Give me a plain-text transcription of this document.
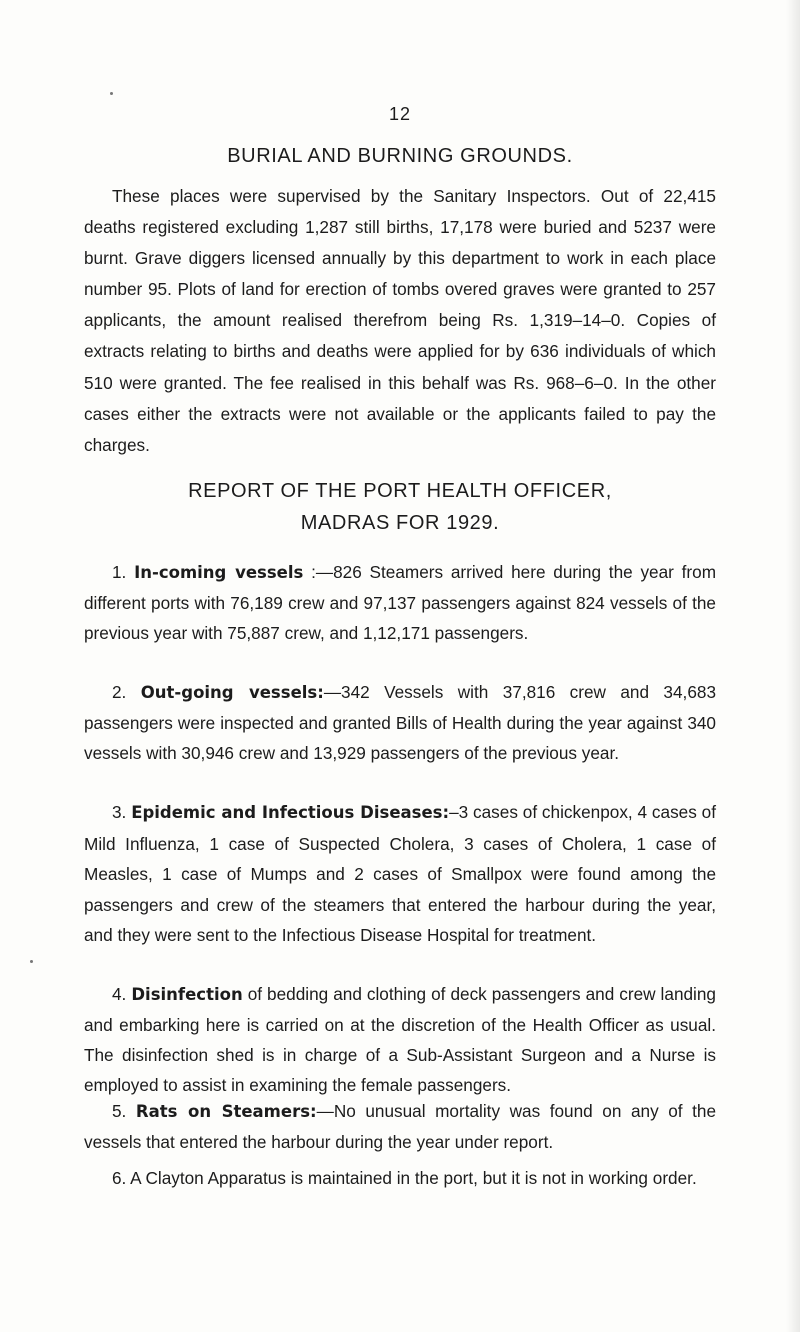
12
BURIAL AND BURNING GROUNDS.

These places were supervised by the Sanitary Inspectors. Out of 22,415 deaths registered excluding 1,287 still births, 17,178 were buried and 5237 were burnt. Grave diggers licensed annually by this department to work in each place number 95. Plots of land for erection of tombs overed graves were granted to 257 applicants, the amount realised therefrom being Rs. 1,319–14–0. Copies of extracts relating to births and deaths were applied for by 636 individuals of which 510 were granted. The fee realised in this behalf was Rs. 968–6–0. In the other cases either the extracts were not available or the applicants failed to pay the charges.

REPORT OF THE PORT HEALTH OFFICER,
MADRAS FOR 1929.

1. In-coming vessels :—826 Steamers arrived here during the year from different ports with 76,189 crew and 97,137 passengers against 824 vessels of the previous year with 75,887 crew, and 1,12,171 passengers.

2. Out-going vessels:—342 Vessels with 37,816 crew and 34,683 passengers were inspected and granted Bills of Health during the year against 340 vessels with 30,946 crew and 13,929 passengers of the previous year.

3. Epidemic and Infectious Diseases:–3 cases of chickenpox, 4 cases of Mild Influenza, 1 case of Suspected Cholera, 3 cases of Cholera, 1 case of Measles, 1 case of Mumps and 2 cases of Smallpox were found among the passengers and crew of the steamers that entered the harbour during the year, and they were sent to the Infectious Disease Hospital for treatment.

4. Disinfection of bedding and clothing of deck passengers and crew landing and embarking here is carried on at the discretion of the Health Officer as usual. The disinfection shed is in charge of a Sub-Assistant Surgeon and a Nurse is employed to assist in examining the female passengers.

5. Rats on Steamers:—No unusual mortality was found on any of the vessels that entered the harbour during the year under report.

6. A Clayton Apparatus is maintained in the port, but it is not in working order.
